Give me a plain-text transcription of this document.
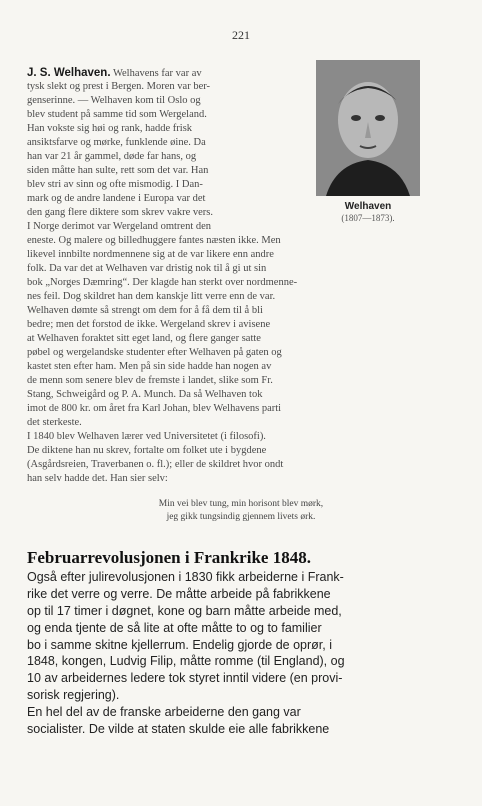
221
Welhaven
(1807—1873).
J. S. Welhaven. Welhavens far var av
tysk slekt og prest i Bergen. Moren var ber-
genserinne. — Welhaven kom til Oslo og
blev student på samme tid som Wergeland.
Han vokste sig høi og rank, hadde frisk
ansiktsfarve og mørke, funklende øine. Da
han var 21 år gammel, døde far hans, og
siden måtte han sulte, rett som det var. Han
blev stri av sinn og ofte mismodig. I Dan-
mark og de andre landene i Europa var det
den gang flere diktere som skrev vakre vers.
I Norge derimot var Wergeland omtrent den
eneste. Og malere og billedhuggere fantes næsten ikke. Men
likevel innbilte nordmennene sig at de var likere enn andre
folk. Da var det at Welhaven var dristig nok til å gi ut sin
bok „Norges Dæmring“. Der klagde han sterkt over nordmenne-
nes feil. Dog skildret han dem kanskje litt verre enn de var.
Welhaven dømte så strengt om dem for å få dem til å bli
bedre; men det forstod de ikke. Wergeland skrev i avisene
at Welhaven foraktet sitt eget land, og flere ganger satte
pøbel og wergelandske studenter efter Welhaven på gaten og
kastet sten efter ham. Men på sin side hadde han nogen av
de menn som senere blev de fremste i landet, slike som Fr.
Stang, Schweigård og P. A. Munch. Da så Welhaven tok
imot de 800 kr. om året fra Karl Johan, blev Welhavens parti
det sterkeste.
I 1840 blev Welhaven lærer ved Universitetet (i filosofi).
De diktene han nu skrev, fortalte om folket ute i bygdene
(Asgårdsreien, Traverbanen o. fl.); eller de skildret hvor ondt
han selv hadde det. Han sier selv:
Min vei blev tung, min horisont blev mørk,
jeg gikk tungsindig gjennem livets ørk.
Februarrevolusjonen i Frankrike 1848.
Også efter julirevolusjonen i 1830 fikk arbeiderne i Frank-
rike det verre og verre. De måtte arbeide på fabrikkene
op til 17 timer i døgnet, kone og barn måtte arbeide med,
og enda tjente de så lite at ofte måtte to og to familier
bo i samme skitne kjellerrum. Endelig gjorde de oprør, i
1848, kongen, Ludvig Filip, måtte romme (til England), og
10 av arbeidernes ledere tok styret inntil videre (en provi-
sorisk regjering).
En hel del av de franske arbeiderne den gang var
socialister. De vilde at staten skulde eie alle fabrikkene
